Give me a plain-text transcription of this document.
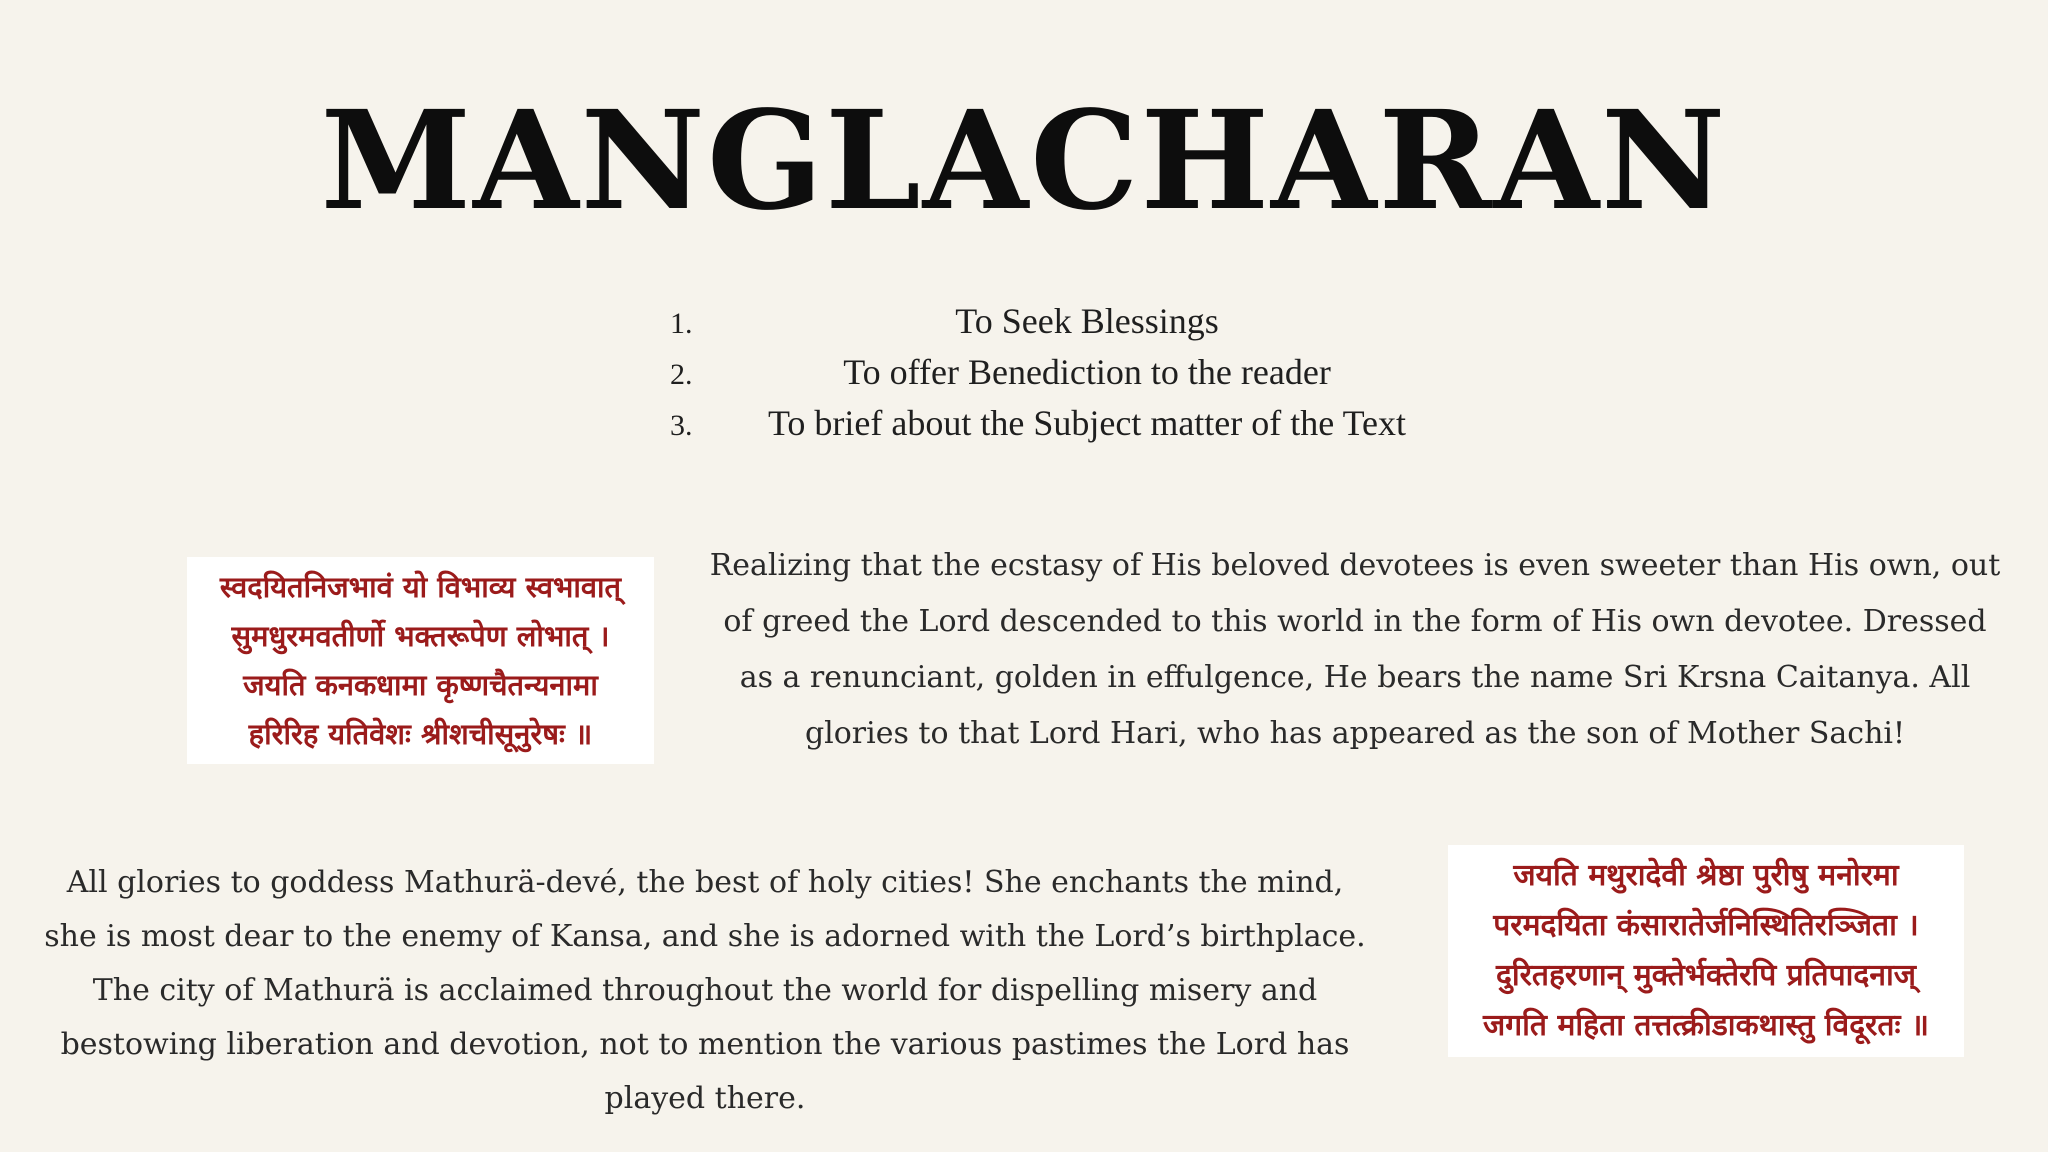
MANGLACHARAN
1.	To Seek Blessings
2.	To offer Benediction to the reader
3.	To brief about the Subject matter of the Text
स्वदयितनिजभावं यो विभाव्य स्वभावात्
सुमधुरमवतीर्णो भक्तरूपेण लोभात् ।
जयति कनकधामा कृष्णचैतन्यनामा
हरिरिह यतिवेशः श्रीशचीसूनुरेषः ॥

Realizing that the ecstasy of His beloved devotees is even sweeter than His own, out of greed the Lord descended to this world in the form of His own devotee. Dressed as a renunciant, golden in effulgence, He bears the name Sri Krsna Caitanya. All glories to that Lord Hari, who has appeared as the son of Mother Sachi!

All glories to goddess Mathurä-devé, the best of holy cities! She enchants the mind, she is most dear to the enemy of Kansa, and she is adorned with the Lord’s birthplace. The city of Mathurä is acclaimed throughout the world for dispelling misery and bestowing liberation and devotion, not to mention the various pastimes the Lord has played there.

जयति मथुरादेवी श्रेष्ठा पुरीषु मनोरमा
परमदयिता कंसारातेर्जनिस्थितिरञ्जिता ।
दुरितहरणान् मुक्तेर्भक्तेरपि प्रतिपादनाज्
जगति महिता तत्तत्क्रीडाकथास्तु विदूरतः ॥
